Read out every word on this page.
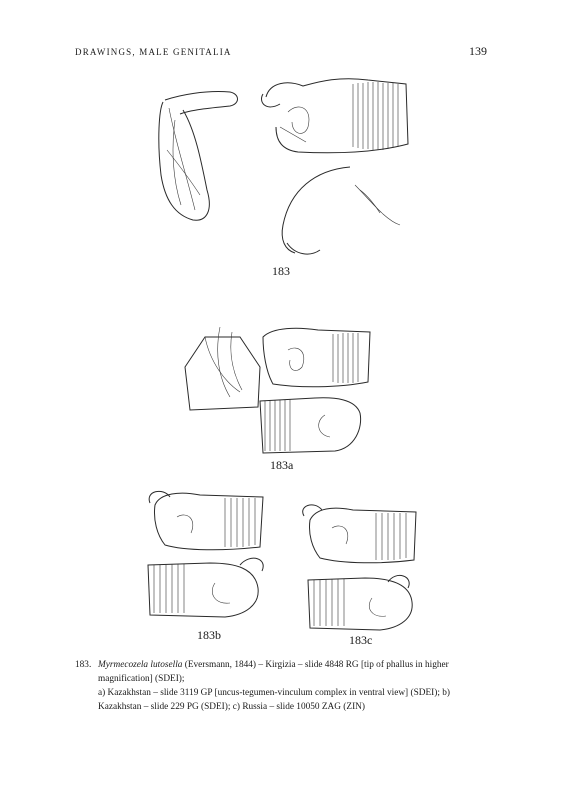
DRAWINGS, MALE GENITALIA	139
183
183a
183b	183c
183. Myrmecozela lutosella (Eversmann, 1844) – Kirgizia – slide 4848 RG [tip of phallus in higher
magnification] (SDEI);
a) Kazakhstan – slide 3119 GP [uncus-tegumen-vinculum complex in ventral view] (SDEI); b)
Kazakhstan – slide 229 PG (SDEI); c) Russia – slide 10050 ZAG (ZIN)
